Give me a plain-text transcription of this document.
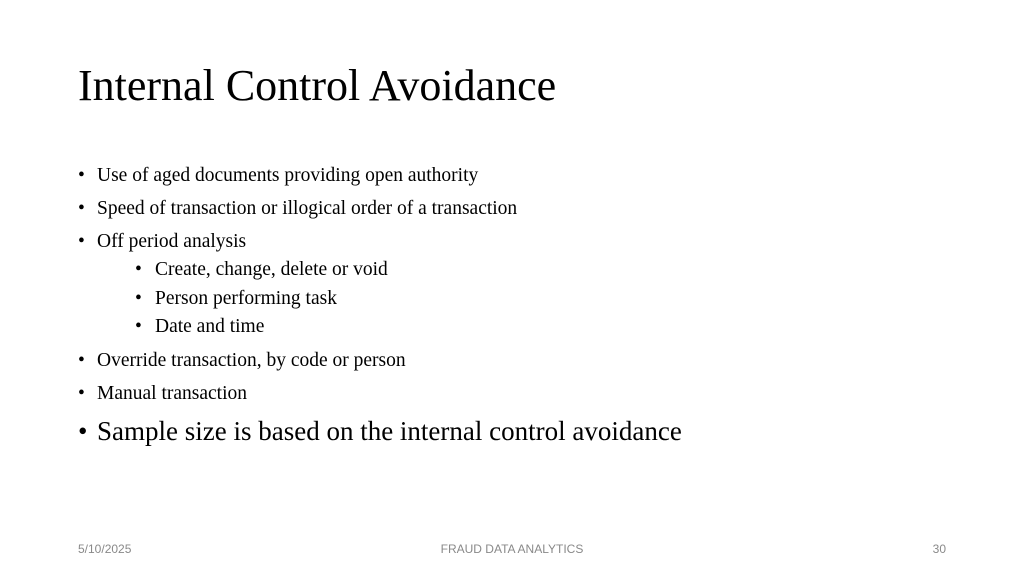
Internal Control Avoidance
• Use of aged documents providing open authority
• Speed of transaction or illogical order of a transaction
• Off period analysis
• Create, change, delete or void
• Person performing task
• Date and time
• Override transaction, by code or person
• Manual transaction
• Sample size is based on the internal control avoidance
5/10/2025	FRAUD DATA ANALYTICS	30
